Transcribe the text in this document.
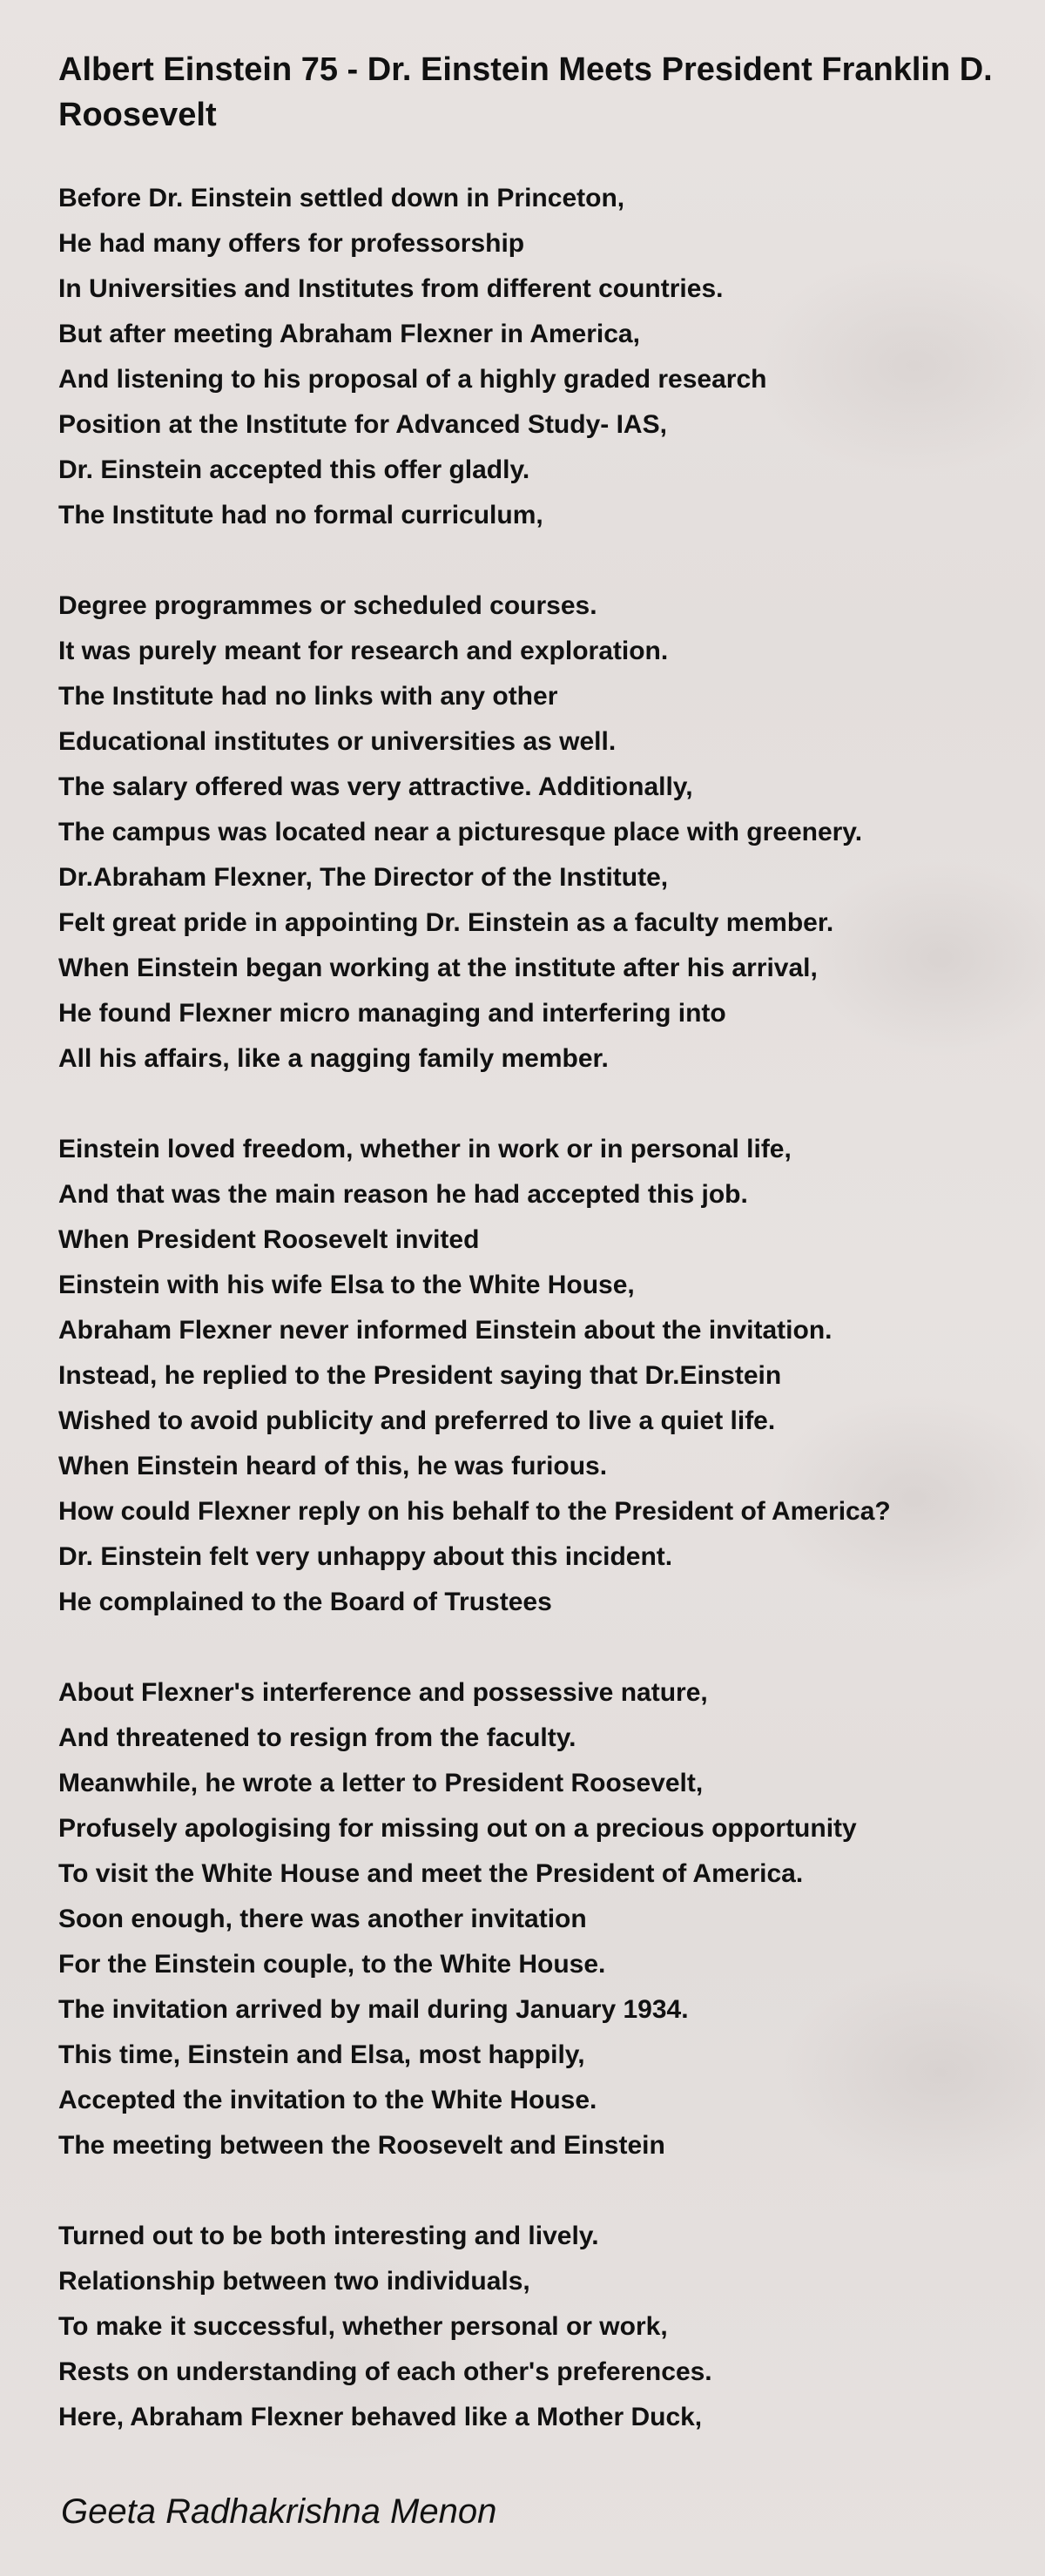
Albert Einstein 75 - Dr. Einstein Meets President Franklin D. Roosevelt
Before Dr. Einstein settled down in Princeton,
He had many offers for professorship
In Universities and Institutes from different countries.
But after meeting Abraham Flexner in America,
And listening to his proposal of a highly graded research
Position at the Institute for Advanced Study- IAS,
Dr. Einstein accepted this offer gladly.
The Institute had no formal curriculum,
Degree programmes or scheduled courses.
It was purely meant for research and exploration.
The Institute had no links with any other
Educational institutes or universities as well.
The salary offered was very attractive. Additionally,
The campus was located near a picturesque place with greenery.
Dr.Abraham Flexner, The Director of the Institute,
Felt great pride in appointing Dr. Einstein as a faculty member.
When Einstein began working at the institute after his arrival,
He found Flexner micro managing and interfering into
All his affairs, like a nagging family member.
Einstein loved freedom, whether in work or in personal life,
And that was the main reason he had accepted this job.
When President Roosevelt invited
Einstein with his wife Elsa to the White House,
Abraham Flexner never informed Einstein about the invitation.
Instead, he replied to the President saying that Dr.Einstein
Wished to avoid publicity and preferred to live a quiet life.
When Einstein heard of this, he was furious.
How could Flexner reply on his behalf to the President of America?
Dr. Einstein felt very unhappy about this incident.
He complained to the Board of Trustees
About Flexner's interference and possessive nature,
And threatened to resign from the faculty.
Meanwhile, he wrote a letter to President Roosevelt,
Profusely apologising for missing out on a precious opportunity
To visit the White House and meet the President of America.
Soon enough, there was another invitation
For the Einstein couple, to the White House.
The invitation arrived by mail during January 1934.
This time, Einstein and Elsa, most happily,
Accepted the invitation to the White House.
The meeting between the Roosevelt and Einstein
Turned out to be both interesting and lively.
Relationship between two individuals,
To make it successful, whether personal or work,
Rests on understanding of each other's preferences.
Here, Abraham Flexner behaved like a Mother Duck,
Geeta Radhakrishna Menon
